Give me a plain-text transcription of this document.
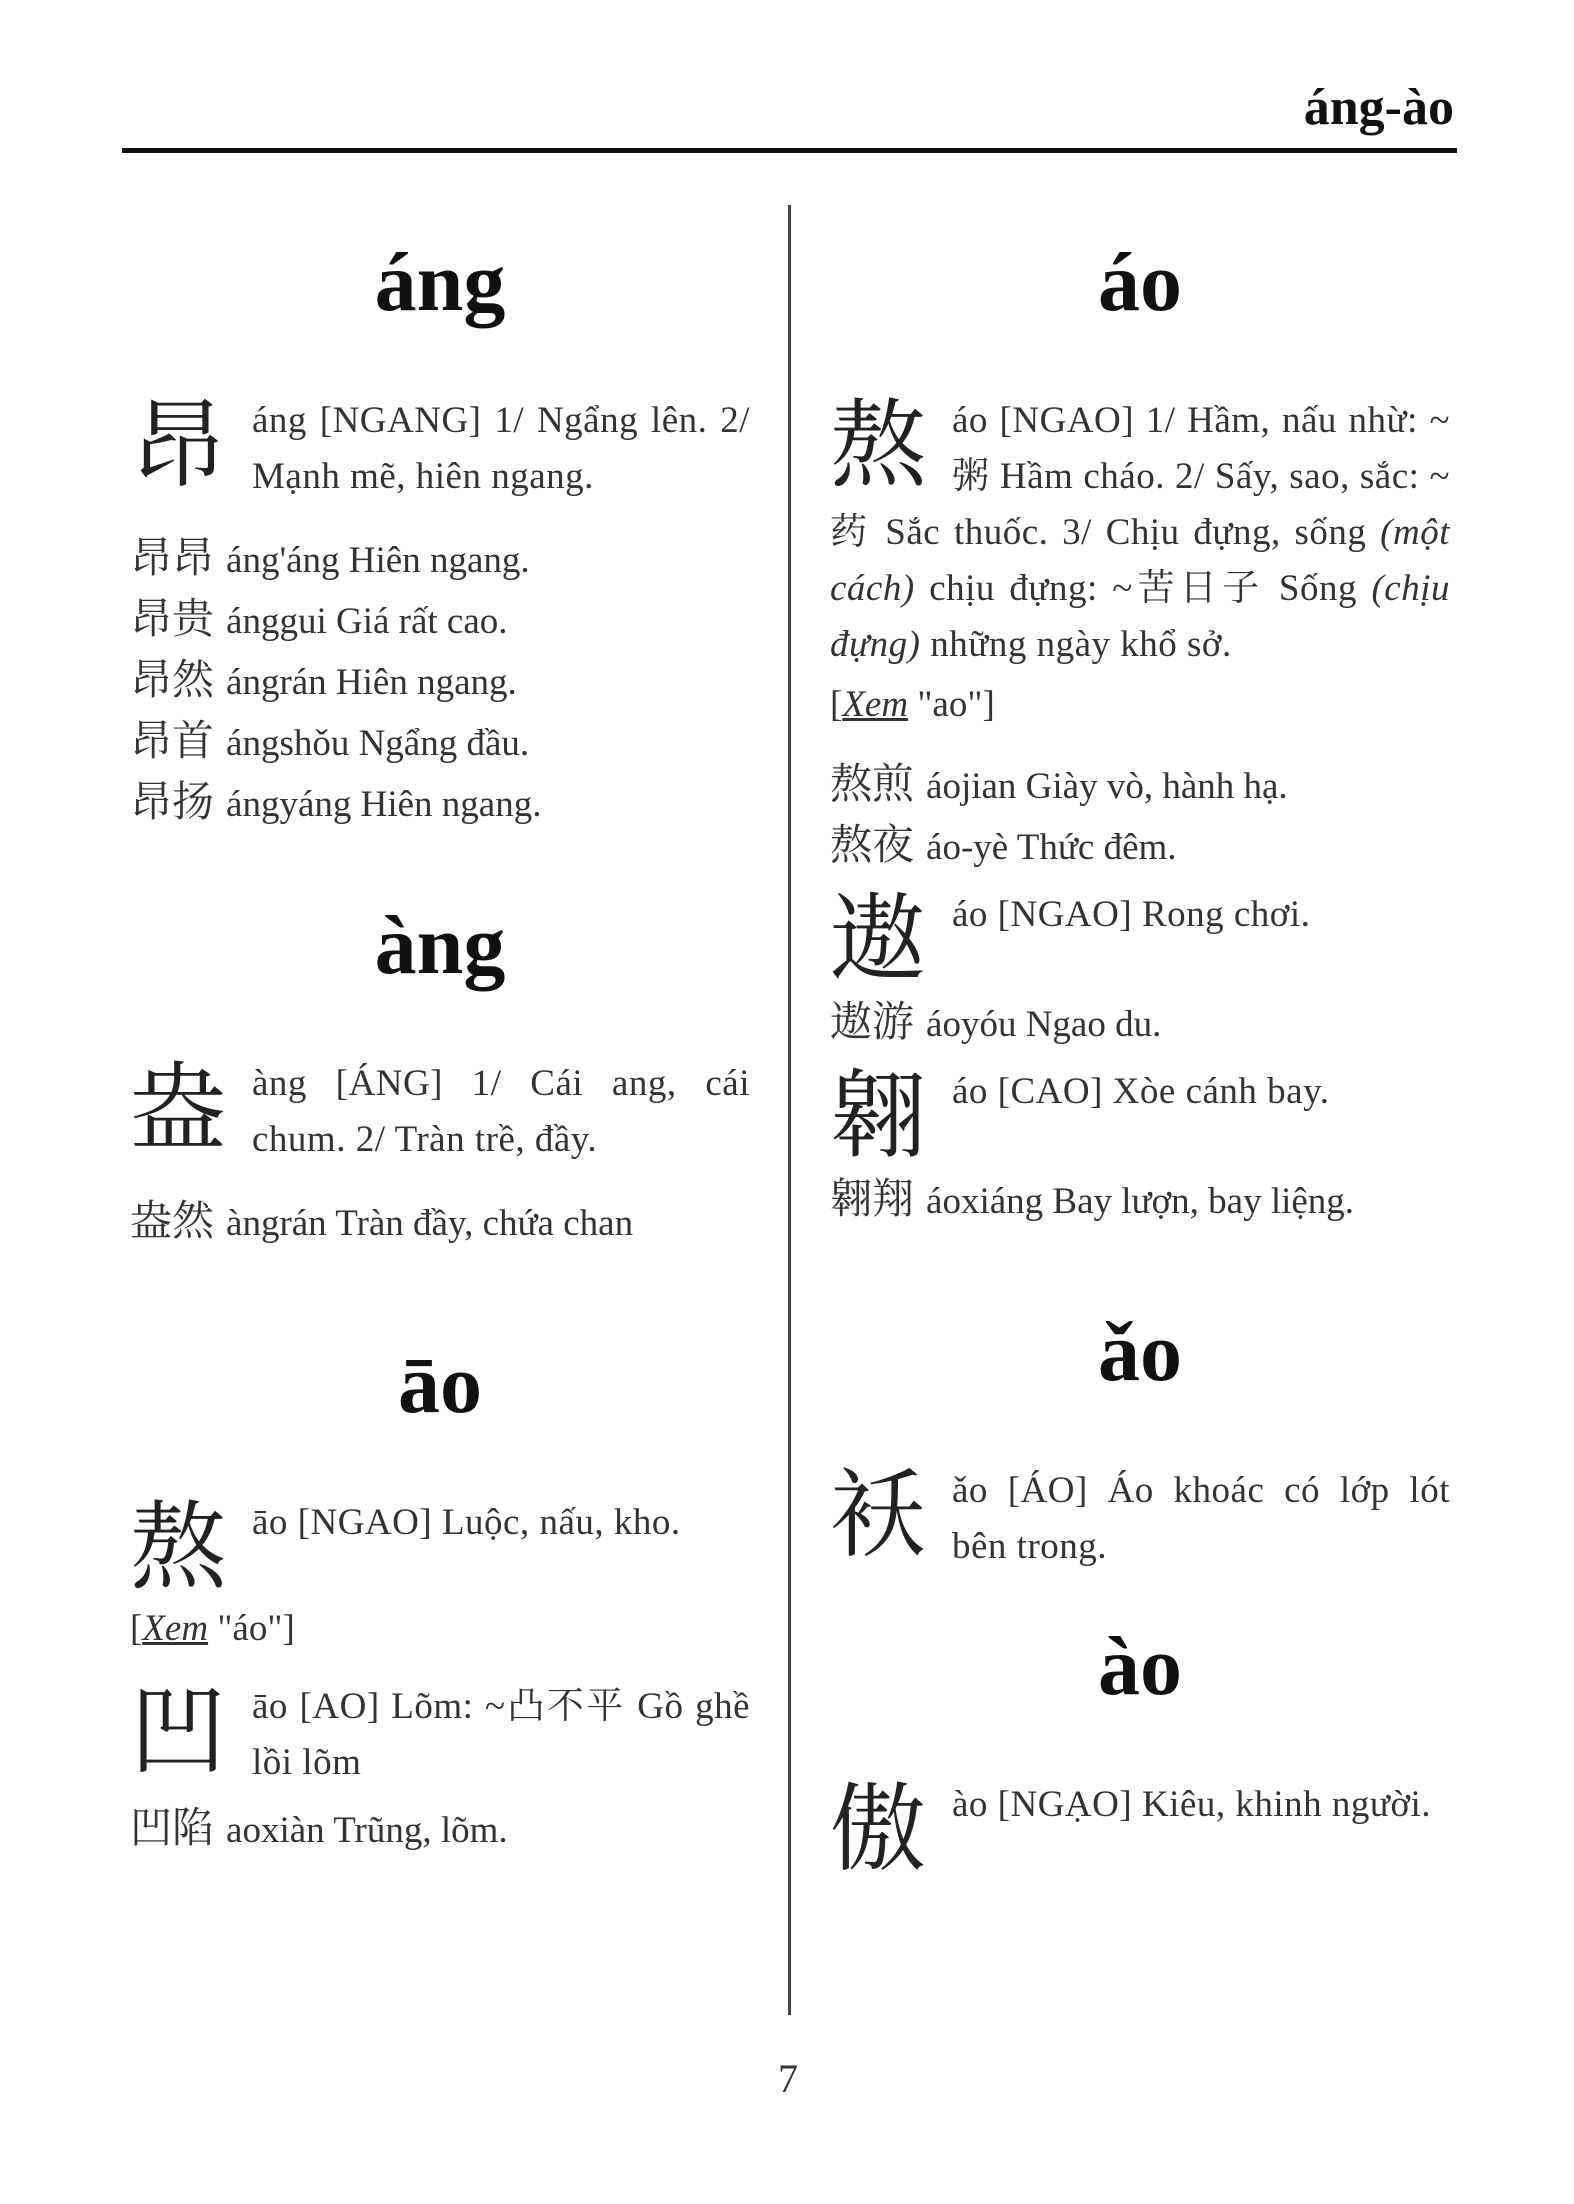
áng-ào
áng
昂 áng [NGANG] 1/ Ngẩng lên. 2/ Mạnh mẽ, hiên ngang.
昂昂 áng'áng Hiên ngang.
昂贵 ánggui Giá rất cao.
昂然 ángrán Hiên ngang.
昂首 ángshǒu Ngẩng đầu.
昂扬 ángyáng Hiên ngang.
àng
盎 àng [ÁNG] 1/ Cái ang, cái chum. 2/ Tràn trề, đầy.
盎然 àngrán Tràn đầy, chứa chan
āo
熬 āo [NGAO] Luộc, nấu, kho.
[Xem "áo"]
凹 āo [AO] Lõm: ~凸不平 Gồ ghề lồi lõm
凹陷 aoxiàn Trũng, lõm.
áo
熬 áo [NGAO] 1/ Hầm, nấu nhừ: ~粥 Hầm cháo. 2/ Sấy, sao, sắc: ~药 Sắc thuốc. 3/ Chịu đựng, sống (một cách) chịu đựng: ~苦日子 Sống (chịu đựng) những ngày khổ sở.
[Xem "ao"]
熬煎 áojian Giày vò, hành hạ.
熬夜 áo-yè Thức đêm.
遨 áo [NGAO] Rong chơi.
遨游 áoyóu Ngao du.
翱 áo [CAO] Xòe cánh bay.
翱翔 áoxiáng Bay lượn, bay liệng.
ǎo
袄 ǎo [ÁO] Áo khoác có lớp lót bên trong.
ào
傲 ào [NGẠO] Kiêu, khinh người.
7
